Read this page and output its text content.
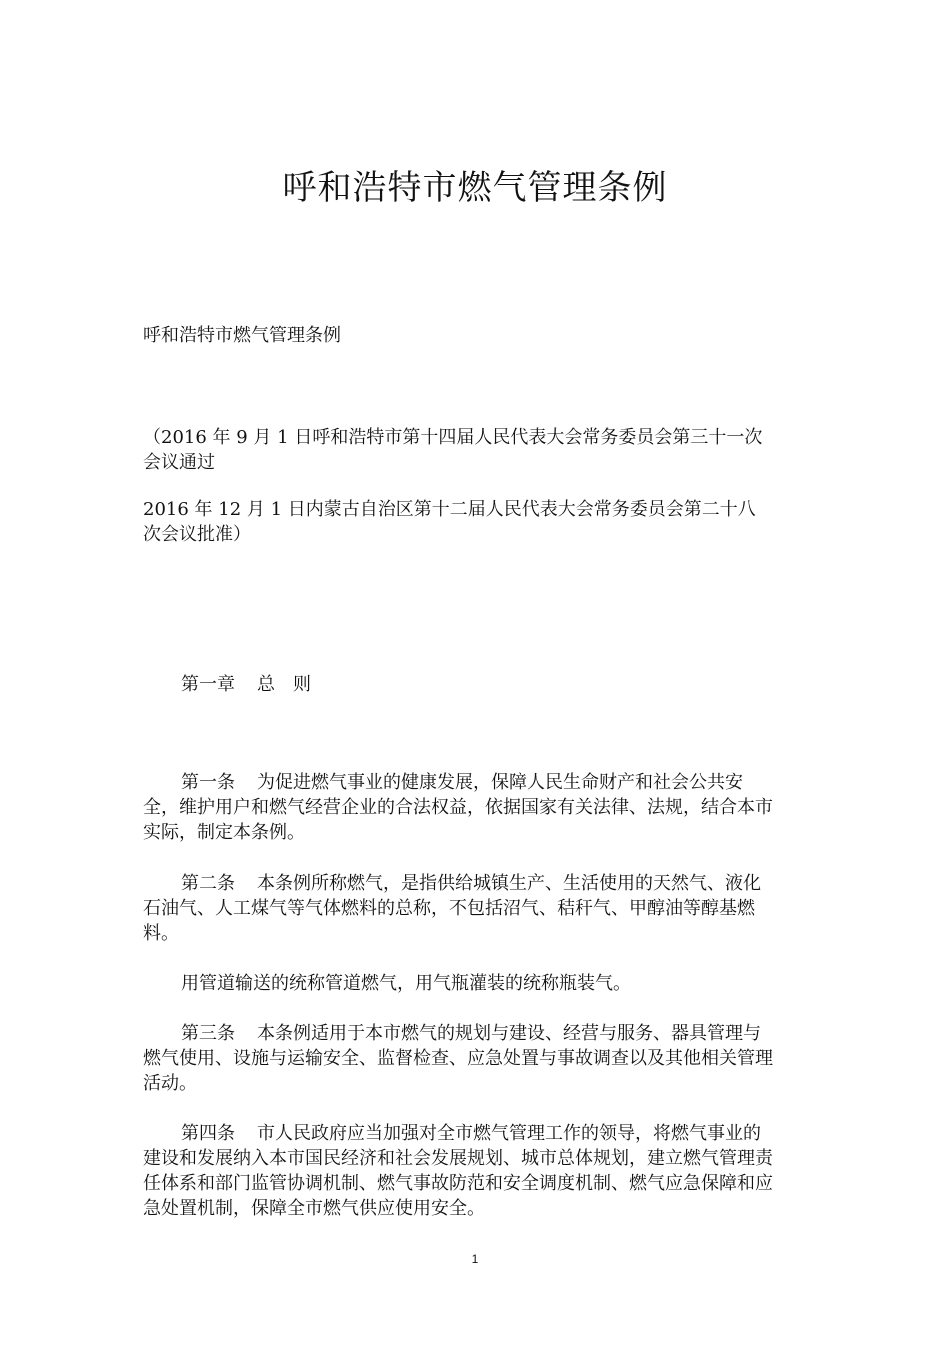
呼和浩特市燃气管理条例

呼和浩特市燃气管理条例

（2016 年 9 月 1 日呼和浩特市第十四届人民代表大会常务委员会第三十一次会议通过

2016 年 12 月 1 日内蒙古自治区第十二届人民代表大会常务委员会第二十八次会议批准）

第一章 总　则

第一条 为促进燃气事业的健康发展，保障人民生命财产和社会公共安全，维护用户和燃气经营企业的合法权益，依据国家有关法律、法规，结合本市实际，制定本条例。

第二条 本条例所称燃气，是指供给城镇生产、生活使用的天然气、液化石油气、人工煤气等气体燃料的总称，不包括沼气、秸秆气、甲醇油等醇基燃料。

用管道输送的统称管道燃气，用气瓶灌装的统称瓶装气。

第三条 本条例适用于本市燃气的规划与建设、经营与服务、器具管理与燃气使用、设施与运输安全、监督检查、应急处置与事故调查以及其他相关管理活动。

第四条 市人民政府应当加强对全市燃气管理工作的领导，将燃气事业的建设和发展纳入本市国民经济和社会发展规划、城市总体规划，建立燃气管理责任体系和部门监管协调机制、燃气事故防范和安全调度机制、燃气应急保障和应急处置机制，保障全市燃气供应使用安全。

1
